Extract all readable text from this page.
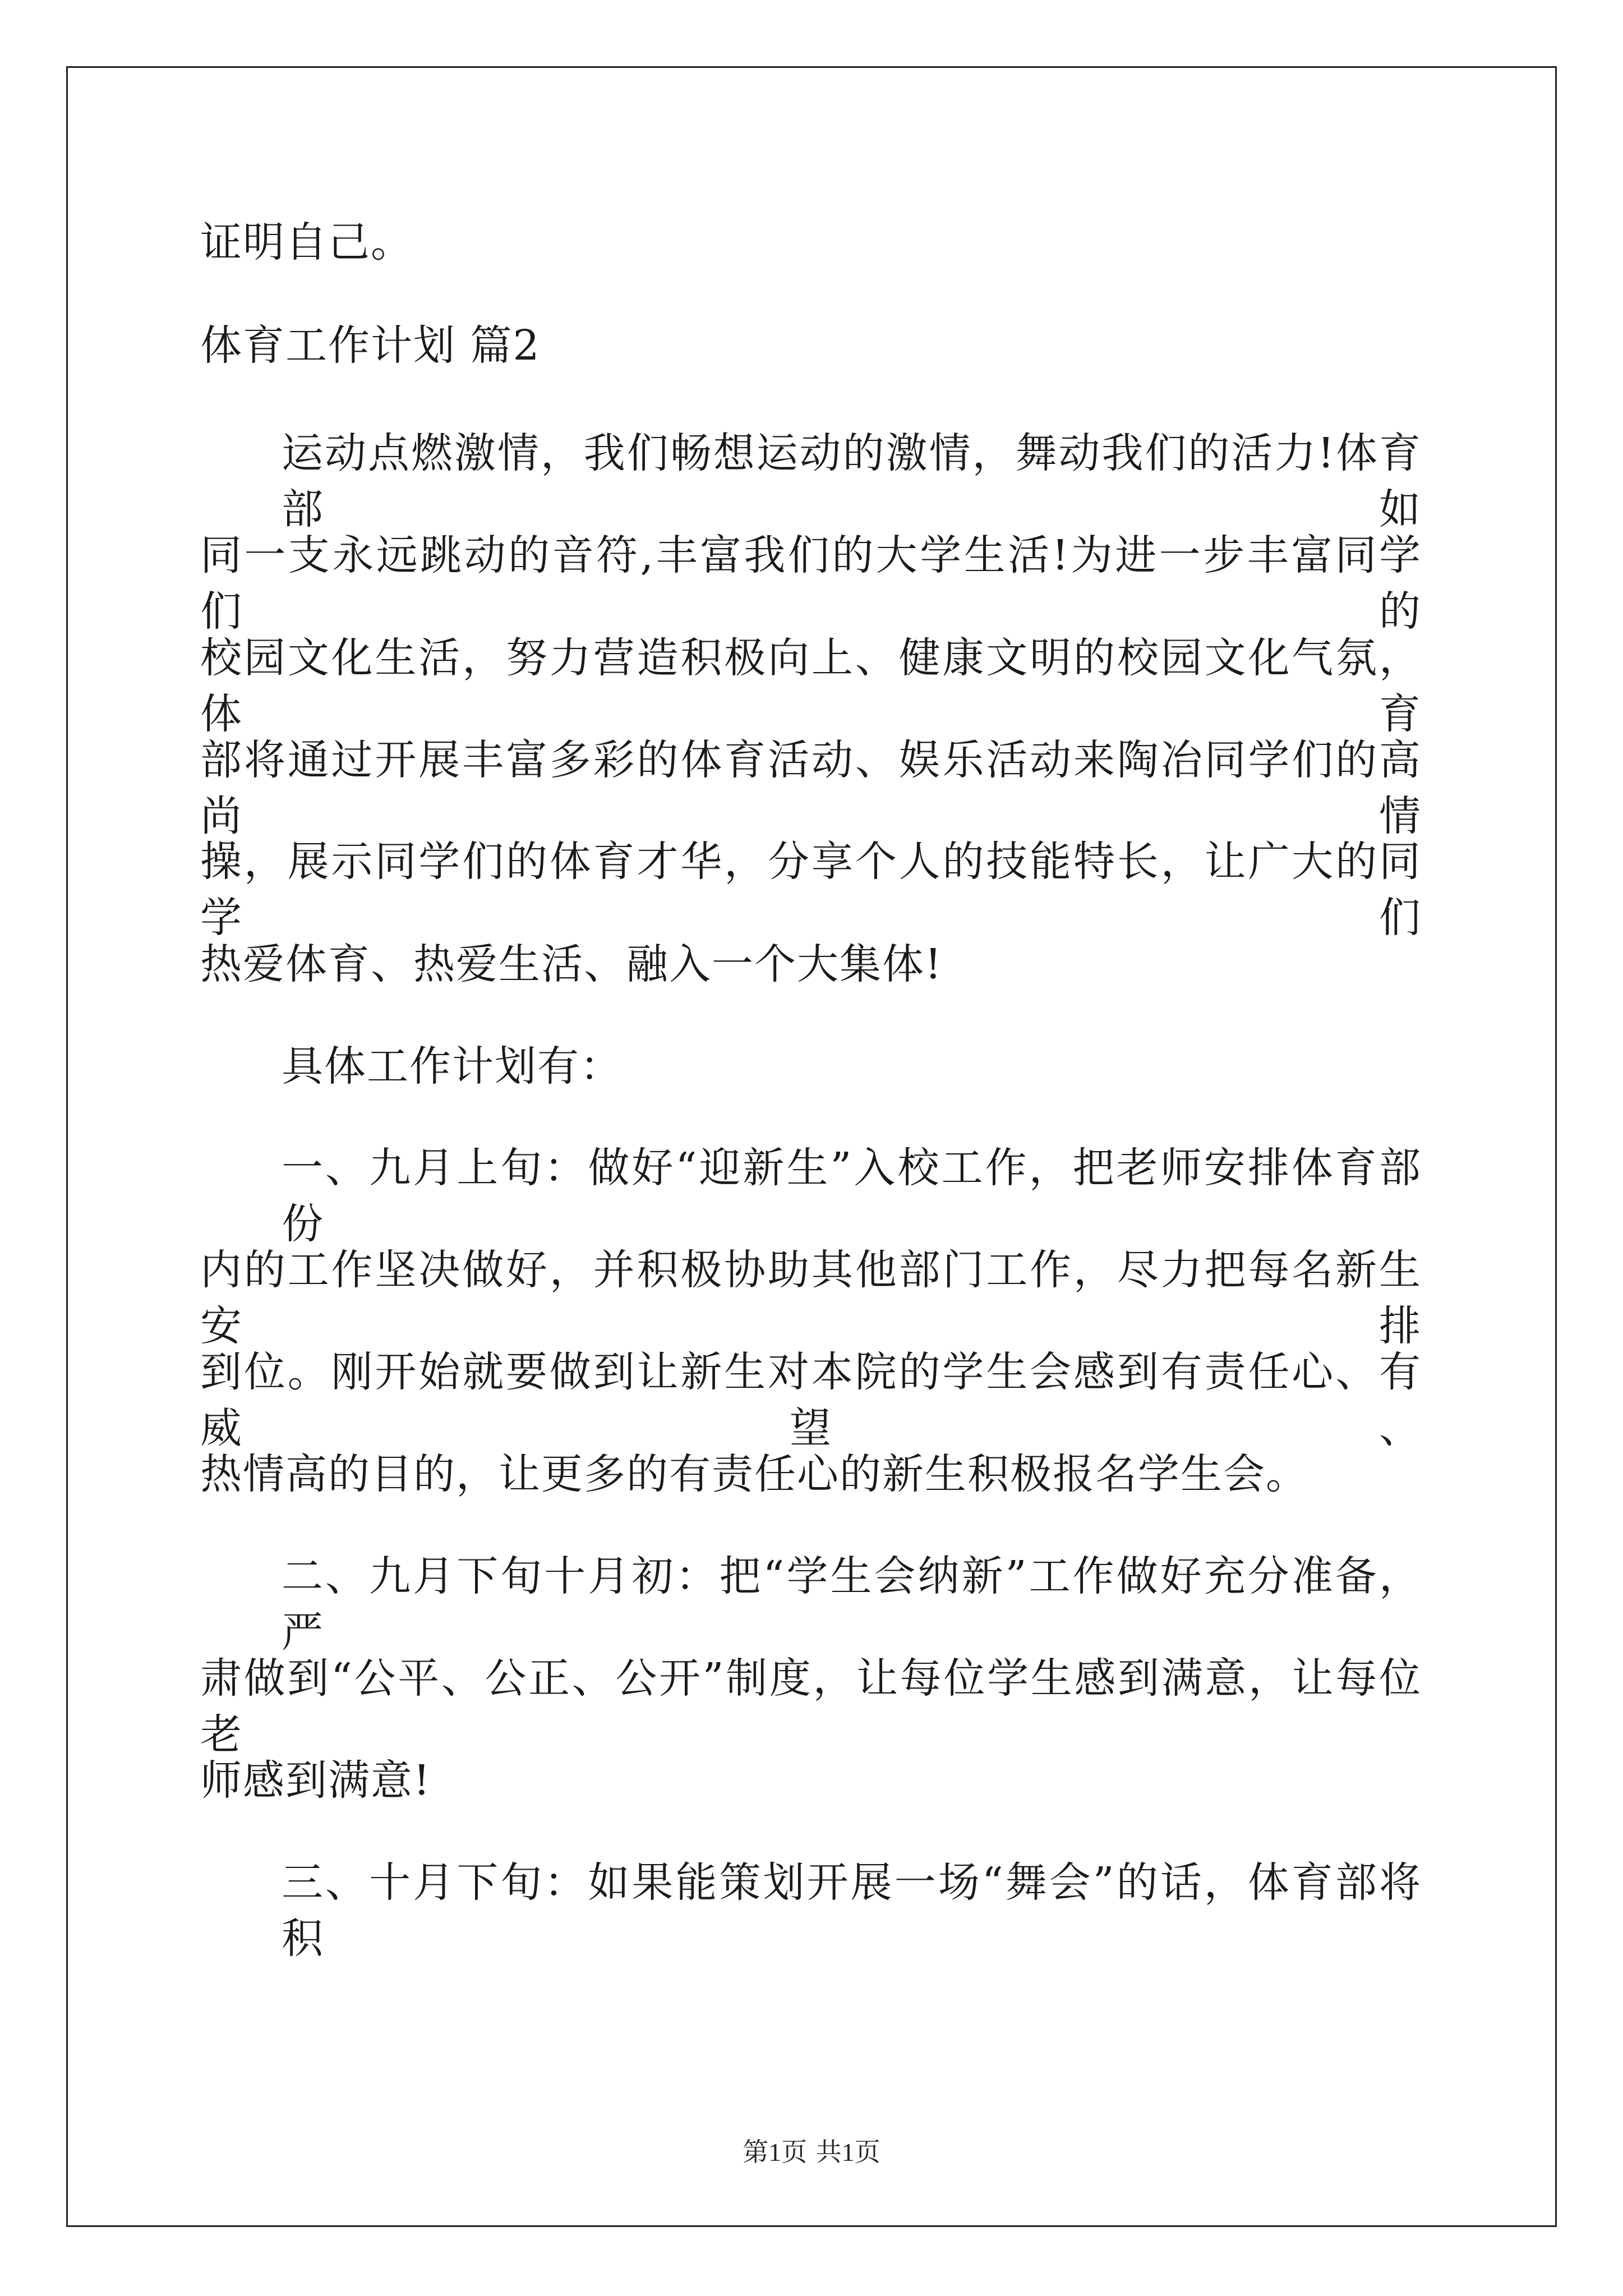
证明自己。
体育工作计划 篇2
运动点燃激情，我们畅想运动的激情，舞动我们的活力!体育部如
同一支永远跳动的音符,丰富我们的大学生活!为进一步丰富同学们的
校园文化生活，努力营造积极向上、健康文明的校园文化气氛，体育
部将通过开展丰富多彩的体育活动、娱乐活动来陶冶同学们的高尚情
操，展示同学们的体育才华，分享个人的技能特长，让广大的同学们
热爱体育、热爱生活、融入一个大集体!
具体工作计划有：
一、九月上旬：做好“迎新生”入校工作，把老师安排体育部份
内的工作坚决做好，并积极协助其他部门工作，尽力把每名新生安排
到位。刚开始就要做到让新生对本院的学生会感到有责任心、有威望、
热情高的目的，让更多的有责任心的新生积极报名学生会。
二、九月下旬十月初：把“学生会纳新”工作做好充分准备，严
肃做到“公平、公正、公开”制度，让每位学生感到满意，让每位老
师感到满意!
三、十月下旬：如果能策划开展一场“舞会”的话，体育部将积
第1页 共1页
